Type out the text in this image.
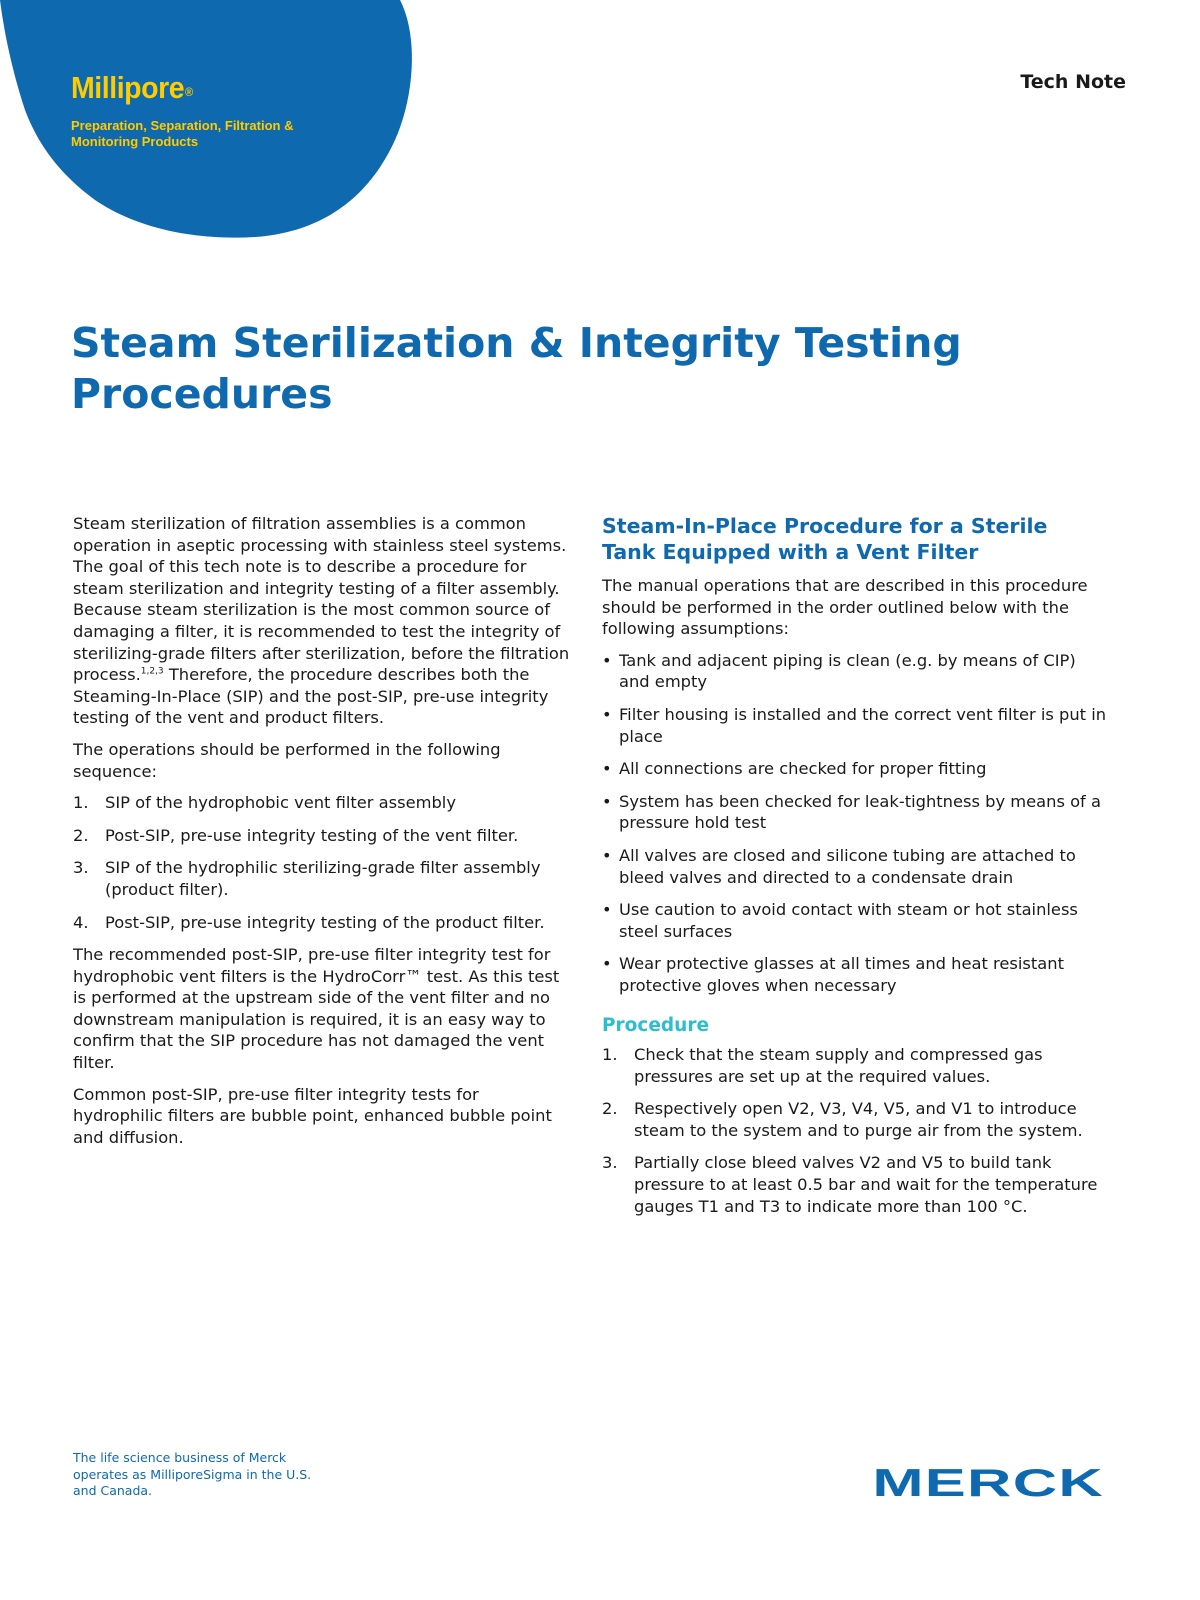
Millipore®
Preparation, Separation, Filtration & Monitoring Products
Tech Note
Steam Sterilization & Integrity Testing Procedures

Steam sterilization of filtration assemblies is a common operation in aseptic processing with stainless steel systems. The goal of this tech note is to describe a procedure for steam sterilization and integrity testing of a filter assembly. Because steam sterilization is the most common source of damaging a filter, it is recommended to test the integrity of sterilizing-grade filters after sterilization, before the filtration process.$^{1,2,3}$ Therefore, the procedure describes both the Steaming-In-Place (SIP) and the post-SIP, pre-use integrity testing of the vent and product filters.

The operations should be performed in the following sequence:

1. SIP of the hydrophobic vent filter assembly
2. Post-SIP, pre-use integrity testing of the vent filter.
3. SIP of the hydrophilic sterilizing-grade filter assembly (product filter).
4. Post-SIP, pre-use integrity testing of the product filter.

The recommended post-SIP, pre-use filter integrity test for hydrophobic vent filters is the HydroCorr™ test. As this test is performed at the upstream side of the vent filter and no downstream manipulation is required, it is an easy way to confirm that the SIP procedure has not damaged the vent filter.

Common post-SIP, pre-use filter integrity tests for hydrophilic filters are bubble point, enhanced bubble point and diffusion.

Steam-In-Place Procedure for a Sterile Tank Equipped with a Vent Filter

The manual operations that are described in this procedure should be performed in the order outlined below with the following assumptions:

• Tank and adjacent piping is clean (e.g. by means of CIP) and empty
• Filter housing is installed and the correct vent filter is put in place
• All connections are checked for proper fitting
• System has been checked for leak-tightness by means of a pressure hold test
• All valves are closed and silicone tubing are attached to bleed valves and directed to a condensate drain
• Use caution to avoid contact with steam or hot stainless steel surfaces
• Wear protective glasses at all times and heat resistant protective gloves when necessary
Procedure
1. Check that the steam supply and compressed gas pressures are set up at the required values.
2. Respectively open V2, V3, V4, V5, and V1 to introduce steam to the system and to purge air from the system.
3. Partially close bleed valves V2 and V5 to build tank pressure to at least 0.5 bar and wait for the temperature gauges T1 and T3 to indicate more than 100 °C.
The life science business of Merck operates as MilliporeSigma in the U.S. and Canada.	MERCK
